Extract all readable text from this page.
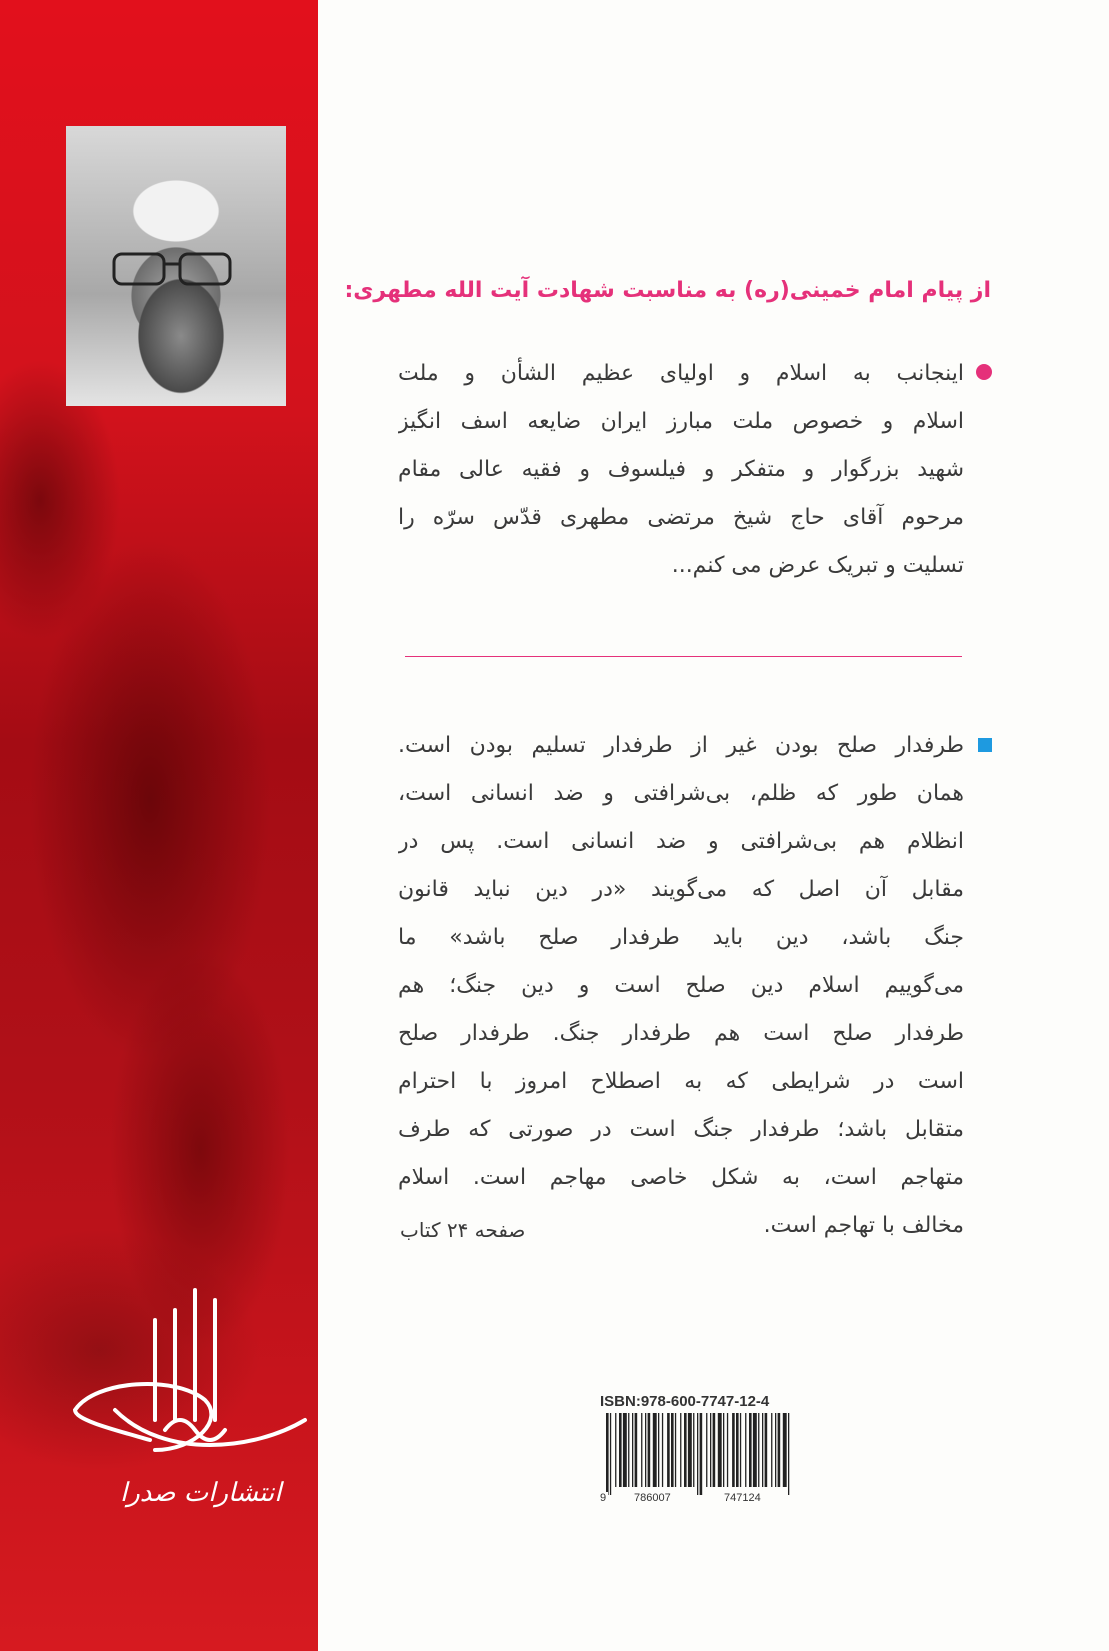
انتشارات صدرا
از پیام امام خمینی(ره) به مناسبت شهادت آیت الله مطهری:
اینجانب به اسلام و اولیای عظیم الشأن و ملت
اسلام و خصوص ملت مبارز ایران ضایعه اسف انگیز
شهید بزرگوار و متفکر و فیلسوف و فقیه عالی مقام
مرحوم آقای حاج شیخ مرتضی مطهری قدّس سرّه را
تسلیت و تبریک عرض می کنم...
طرفدار صلح بودن غیر از طرفدار تسلیم بودن است.
همان طور که ظلم، بی‌شرافتی و ضد انسانی است،
انظلام هم بی‌شرافتی و ضد انسانی است. پس در
مقابل آن اصل که می‌گویند «در دین نباید قانون
جنگ باشد، دین باید طرفدار صلح باشد» ما
می‌گوییم اسلام دین صلح است و دین جنگ؛ هم
طرفدار صلح است هم طرفدار جنگ. طرفدار صلح
است در شرایطی که به اصطلاح امروز با احترام
متقابل باشد؛ طرفدار جنگ است در صورتی که طرف
متهاجم است، به شکل خاصی مهاجم است. اسلام
مخالف با تهاجم است.
صفحه ۲۴ کتاب
ISBN:978-600-7747-12-4
9	786007	747124
